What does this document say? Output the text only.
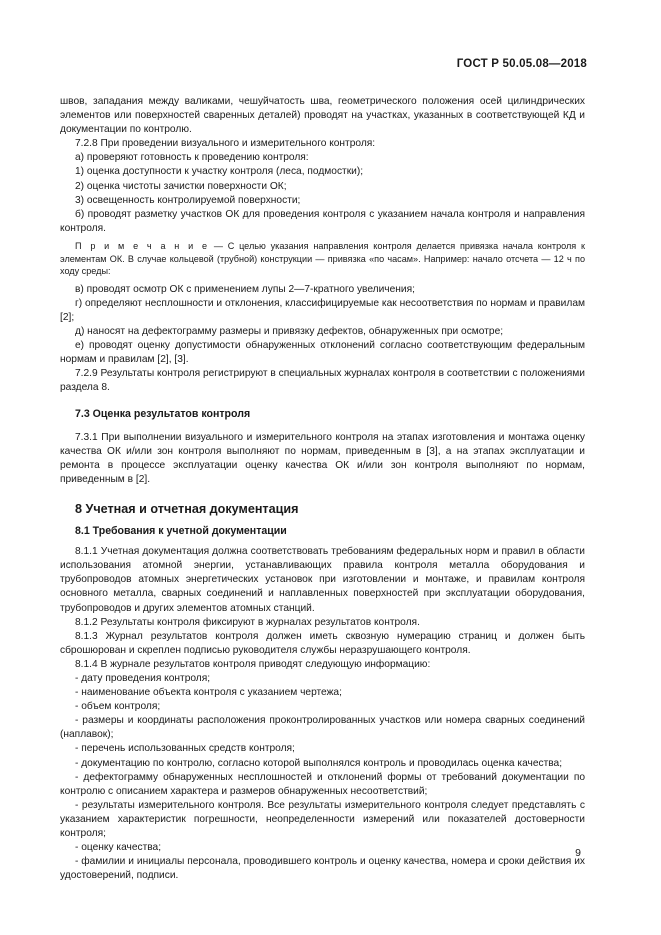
ГОСТ Р 50.05.08—2018

швов, западания между валиками, чешуйчатость шва, геометрического положения осей цилиндрических элементов или поверхностей сваренных деталей) проводят на участках, указанных в соответствующей КД и документации по контролю.

7.2.8 При проведении визуального и измерительного контроля:

а) проверяют готовность к проведению контроля:

1) оценка доступности к участку контроля (леса, подмостки);

2) оценка чистоты зачистки поверхности ОК;

3) освещенность контролируемой поверхности;

б) проводят разметку участков ОК для проведения контроля с указанием начала контроля и направления контроля.

П р и м е ч а н и е — С целью указания направления контроля делается привязка начала контроля к элементам ОК. В случае кольцевой (трубной) конструкции — привязка «по часам». Например: начало отсчета — 12 ч по ходу среды:

в) проводят осмотр ОК с применением лупы 2—7-кратного увеличения;

г) определяют несплошности и отклонения, классифицируемые как несоответствия по нормам и правилам [2];

д) наносят на дефектограмму размеры и привязку дефектов, обнаруженных при осмотре;

е) проводят оценку допустимости обнаруженных отклонений согласно соответствующим федеральным нормам и правилам [2], [3].

7.2.9 Результаты контроля регистрируют в специальных журналах контроля в соответствии с положениями раздела 8.

7.3 Оценка результатов контроля

7.3.1 При выполнении визуального и измерительного контроля на этапах изготовления и монтажа оценку качества ОК и/или зон контроля выполняют по нормам, приведенным в [3], а на этапах эксплуатации и ремонта в процессе эксплуатации оценку качества ОК и/или зон контроля выполняют по нормам, приведенным в [2].

8 Учетная и отчетная документация
8.1 Требования к учетной документации

8.1.1 Учетная документация должна соответствовать требованиям федеральных норм и правил в области использования атомной энергии, устанавливающих правила контроля металла оборудования и трубопроводов атомных энергетических установок при изготовлении и монтаже, и правилам контроля основного металла, сварных соединений и наплавленных поверхностей при эксплуатации оборудования, трубопроводов и других элементов атомных станций.

8.1.2 Результаты контроля фиксируют в журналах результатов контроля.

8.1.3 Журнал результатов контроля должен иметь сквозную нумерацию страниц и должен быть сброшюрован и скреплен подписью руководителя службы неразрушающего контроля.

8.1.4 В журнале результатов контроля приводят следующую информацию:

- дату проведения контроля;

- наименование объекта контроля с указанием чертежа;

- объем контроля;

- размеры и координаты расположения проконтролированных участков или номера сварных соединений (наплавок);

- перечень использованных средств контроля;

- документацию по контролю, согласно которой выполнялся контроль и проводилась оценка качества;

- дефектограмму обнаруженных несплошностей и отклонений формы от требований документации по контролю с описанием характера и размеров обнаруженных несоответствий;

- результаты измерительного контроля. Все результаты измерительного контроля следует представлять с указанием характеристик погрешности, неопределенности измерений или показателей достоверности контроля;

- оценку качества;

- фамилии и инициалы персонала, проводившего контроль и оценку качества, номера и сроки действия их удостоверений, подписи.

9
